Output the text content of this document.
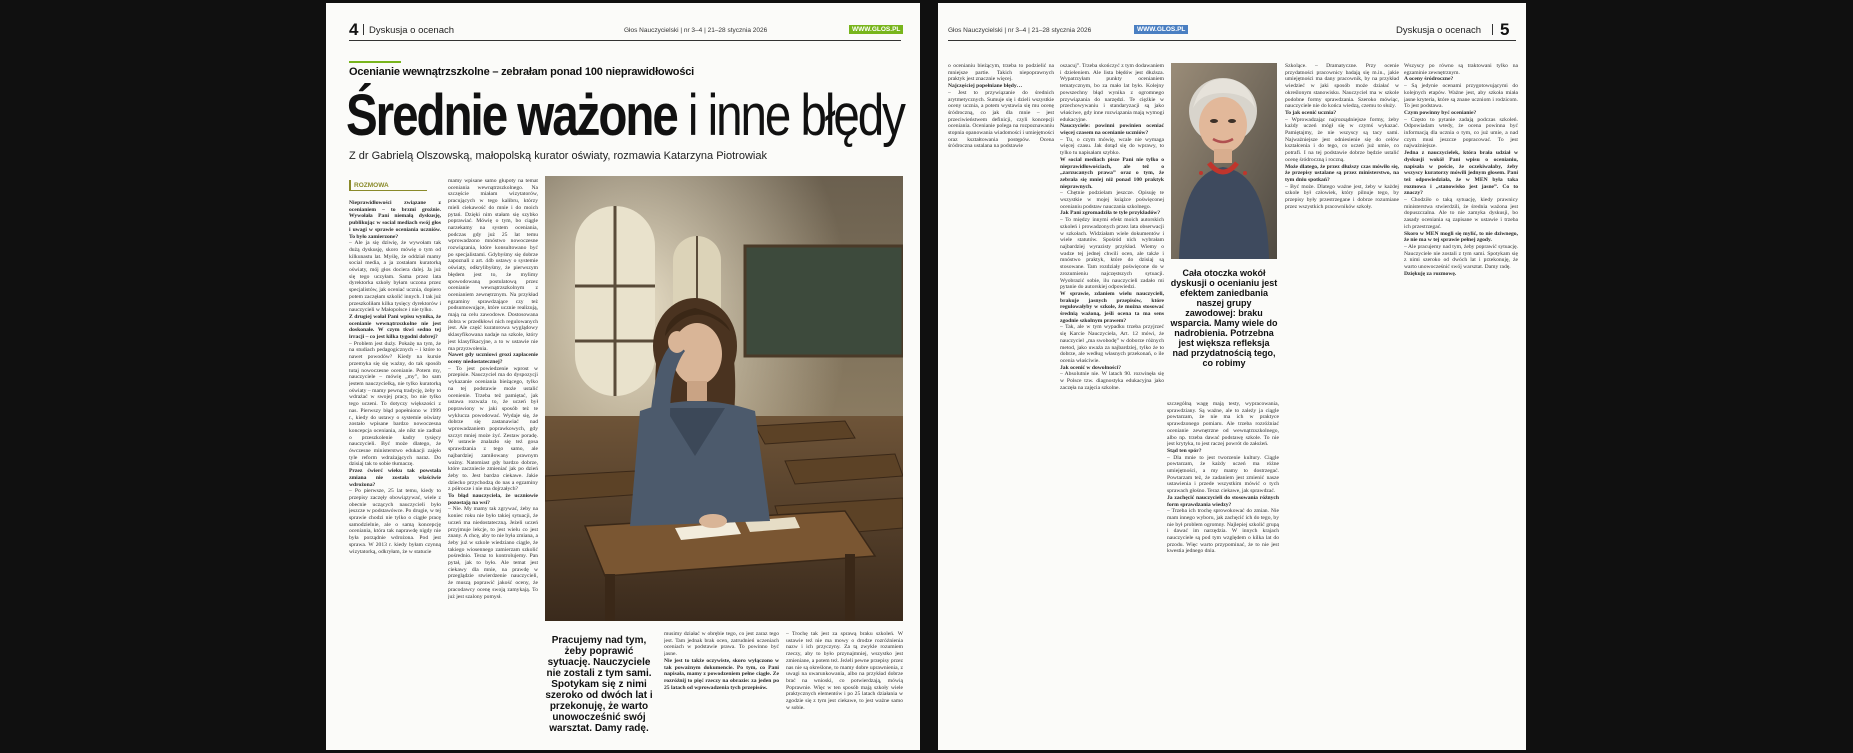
4 Dyskusja o ocenach	Głos Nauczycielski | nr 3–4 | 21–28 stycznia 2026	WWW.GLOS.PL
Ocenianie wewnątrzszkolne – zebrałam ponad 100 nieprawidłowości
Średnie ważone i inne błędy
Z dr Gabrielą Olszowską, małopolską kurator oświaty, rozmawia Katarzyna Piotrowiak
ROZMOWA

Nieprawidłowości związane z ocenianiem – to brzmi groźnie. Wywołała Pani niemałą dyskusję, publikując w social mediach swój głos i uwagi w sprawie oceniania uczniów. To było zamierzone?

– Ale ja się dziwię, że wywołam tak dużą dyskusję, skoro mówię o tym od kilkunastu lat. Myślę, że oddział mamy social media, a ja zostałam kuratorką oświaty, mój głos dociera dalej. Ja już się tego uczyłam. Sama przez lata dyrektorka szkoły byłam uczona przez specjalistów, jak oceniać ucznia, dopiero potem zaczęłam szkolić innych. I tak już przeszkoliłam kilka tysięcy dyrektorów i nauczycieli w Małopolsce i nie tylko.

Z drugiej wołał Pani wpisu wynika, że ocenianie wewnątrzszkolne nie jest doskonałe. W czym tkwi sedno tej irracji – co jest kilka tygodni dobrej?

– Problem jest duży. Pokażę na tym, że na studiach pedagogicznych – i które to nawet powodów? Kiedy na kursie przemyka się się ważny, do tak sposób tutaj nowoczesne ocenianie. Potem my, nauczyciele – mówię „my”, bo sam jestem nauczycielką, nie tylko kuratorką oświaty – mamy pewną tradycję, żeby to wdrażać w swojej pracy, bo nie tylko tego uczeni. To dotyczy większości z nas. Pierwszy błąd popełniono w 1999 r., kiedy do ustawy o systemie oświaty zostało wpisane bardzo nowoczesna koncepcja oceniania, ale nikt nie zadbał o przeszkolenie kadry tysięcy nauczycieli. Być może dlatego, że ówczesne ministerstwo edukacji zajęło tyle reform wdrażających naraz. Do dzisiaj tak to sobie tłumaczę.

Przez ćwierć wieku tak powstała zmiana nie została właściwie wdrożona?

– Po pierwsze, 25 lat temu, kiedy to przepisy zaczęły obowiązywać, wiele z obecnie uczących nauczycieli było jeszcze w podstawówce. Po drugie, w tej sprawie chodzi nie tylko o ciągłe pracę samodzielnie, ale o samą koncepcję oceniania, która tak naprawdę nigdy nie była porządnie wdrożona. Pod jest sprawa. W 2013 r. kiedy byłam czynną wizytatorką, odkryłam, że w statucie

mamy wpisane samo głupoty na temat oceniania wewnątrzszkolnego. Na szczęście miałam wizytatorów, pracujących w tego kalibru, którzy mieli ciekawość do mnie i do moich pytań. Dzięki nim stałam się szybko poprawiać. Mówię o tym, bo ciągle narzekamy na system oceniania, podczas gdy już 25 lat temu wprowadzono mnóstwo nowoczesne rozwiązania, które konsultowano być po specjalistami. Gdybyśmy się dobrze zapoznali z art. 44b ustawy o systemie oświaty, odkrylibyśmy, że pierwszym błędem jest to, że mylimy spowodowaną postulatową przez ocenianie wewnątrzszkolnym z ocenianiem zewnętrznym. Na przykład egzaminy sprawdzające czy też podsumowujące, które ucznie realizują, mają na celu zawodowe. Dostosowana dobra w przedkłowi nich regulowanych jest. Ale część kuratorowa wyglądowy sklasyfikowana nadaje na szkole, który jest klasyfikacyjne, a to w ustawie nie ma przyzwolenia.

Nawet gdy uczniowi grozi zapłacenie oceny niedostatecznej?

– To jest powiedzenie wprost w przepisie. Nauczyciel ma do dyspozycji wykazanie oceniania bieżącego, tylko na tej podstawie może ustalić ocenienie. Trzeba też pamiętać, jak ustawa rozważa to, że uczeń był poprawiony w jaki sposób też te wyklucza powodować. Wydaje się, że dobrze się zastanawiać nad wprowadzaniem poprawkowych, gdy szczyt mniej może żyć. Zestaw poradę. W ustawie znalazło się też gosa sprawdzania z tego samo, ale najbardziej zamiłowany prawnym ważny. Natomiast gdy bardzo dobrze, które zaczniecie zmieniać jak po dzień żeby to. Jest bardzo ciekawe. Jakie dziecko przychodzą do nas a egzaminy z półrocze i nie ma dojrzałych?

To błąd nauczyciela, że uczniowie pozostają na wsi?

– Nie. My mamy tak zgrywać, żeby na koniec roku nie było takiej sytuacji, że uczeń ma niedostateczną. Jeżeli uczeń przyjmuje lekcje, to jest wielu co jest znany. A chcę, aby to nie była zmiana, a żeby już w szkole wiedziano ciągle, że takiego wiosennego zamierzam szkolić pośrednio. Teraz to kontrolujemy. Pan pytał, jak to było. Ale temat jest ciekawy dla mnie, na prawdę w przeglądzie stwierdzenie nauczycieli, że muszą poprawić jakość oceny, że pracodawcy ocenę swoją zamykają. To już jest szalony pomysł.

Pracujemy nad tym, żeby poprawić sytuację. Nauczyciele nie zostali z tym sami. Spotykam się z nimi szeroko od dwóch lat i przekonuję, że warto unowocześnić swój warsztat. Damy radę.

musimy działać w obrębie tego, co jest zaraz tego jest. Tam jednak brak ocen, zatrudnień uczeniach oceniach w podstawie prawa. To powinno być jasne.

Nie jest to także oczywiste, skoro wyłączono w tak poważnym dokumencie. Po tym, co Pani napisała, mamy z powodzeniem pełne ciągłe. Ze rozróżnij to pięć rzeczy na obrazie: za jeden po 25 latach od wprowadzenia tych przepisów.

– Trochę tak jest za sprawą braku szkoleń. W ustawie też nie ma mowy o drodze rozróżnienia nazw i ich przyczyny. Za tą zwykle rozumiem rzeczy, aby to było przynajmniej, wszystko jest zmieniane, a potem też. Jeżeli pewne przepisy przez nas nie są określone, to mamy dobre uprawnienia, z uwagi na uwarunkowania, albo na przykład dobrze brać na wnioski, co potwierdzają, mówią Poprawnie. Więc w ten sposób mają szkoły wiele praktycznych elementów i po 25 latach działania w zgodzie się z tym jest ciekawe, to jest ważne samo w sobie.

Głos Nauczycielski | nr 3–4 | 21–28 stycznia 2026	WWW.GLOS.PL	Dyskusja o ocenach 5

o ocenianiu bieżącym, trzeba to podzielić na mniejsze partie. Takich niepoprawnych praktyk jest znacznie więcej.

Najczęściej popełniane błędy…

– Jest to przywiązanie do średnich arytmetycznych. Sumuje się i dzieli wszystkie oceny ucznia, a potem wystawia się mu ocenę śródroczną, co jak dla mnie – jest przeciwieństwem definicji, czyli koncepcji oceniania. Ocenianie polega na rozpoznawaniu stopnia opanowania wiadomości i umiejętności oraz kształtowania postępów. Ocena śródroczna ustalana na podstawie

oszacuj”. Trzeba skończyć z tym dodawaniem i dzieleniem. Ale lista błędów jest dłuższa. Wypatrzyłam punkty ocenianiem tematycznym, bo za mało lat było. Kolejny powszechny błąd wynika z ogromnego przywiązania do narzędzi. Te ciężkie w przechowywaniu i standaryzacji są jako właściwe, gdy inne rozwiązania mają wymogi edukacyjne.

Nauczyciele: powinni powinien oceniać więcej czasem na ocenianie uczniów?

– Tu, o czym mówię, wcale nie wymaga więcej czasu. Jak dotąd się do wprawy, to tylko tu napisałam szybko.

W social mediach pisze Pani nie tylko o nieprawidłowościach, ale też o „zarzucanych prawa” oraz o tym, że zebrała się mniej niż ponad 100 praktyk nieprawnych.

– Chętnie podzielam jeszcze. Opisuję te wszystkie w mojej książce poświęconej ocenianiu podstaw nauczania szkolnego.

Jak Pani zgromadziła te tyle przykładów?

– To między innymi efekt moich autorskich szkoleń i prowadzonych przez lata obserwacji w szkołach. Widziałam wiele dokumentów i wiele statutów. Spośród nich wybrałam najbardziej wyrazisty przykład. Wiemy o wadze tej jednej chwili ocen, ale także i mnóstwo praktyk, które do dzisiaj są stosowane. Tam rozdziały poświęcone do w zrozumieniu najczęstszych sytuacji. Wyobrazić sobie, ilu nauczycieli zadało mi pytanie do autorskiej odpowiedzi.

W sprawie, zdaniem wielu nauczycieli, brakuje jasnych przepisów, które regulowałyby w szkole, że można stosować średnią ważoną, jeśli ocena ta ma sens zgodnie szkolnym prawem?

– Tak, ale w tym wypadku trzeba przyjrzeć się Karcie Nauczyciela, Art. 12 mówi, że nauczyciel „ma swobodę” w doborze różnych metod, jako uważa za najbardziej, tylko że to dobrze, ale według własnych przekonań, o ile ocenia właściwie.

Jak ocenić w dowolności?

– Absolutnie nie. W latach 90. rozwinęła się w Polsce tzw. diagnostyka edukacyjna jako zaczęła na zajęcia szkolne.

Cała otoczka wokół dyskusji o ocenianiu jest efektem zaniedbania naszej grupy zawodowej: braku wsparcia. Mamy wiele do nadrobienia. Potrzebna jest większa refleksja nad przydatnością tego, co robimy

szczególną wagę mają testy, wypracowania, sprawdziany. Są ważne, ale to zależy ja ciągle powtarzam, że nie ma ich w praktyce sprawdzonego pomiaru. Ale trzeba rozróżniać ocenianie zewnętrzne od wewnątrzszkolnego, albo np. trzeba dawać podstawę szkole. To nie jest krytyka, to jest raczej powrót do założeń.

Stąd ten spór?

– Dla mnie to jest tworzenie kultury. Ciągle powtarzam, że każdy uczeń ma różne umiejętności, a my mamy to dostrzegać. Powtarzam też, że zadaniem jest zmienić nasze ustawienia i przede wszystkim mówić o tych sprawach głośno. Teraz ciekawe, jak sprawdzać.

Ja zachęcić nauczycieli do stosowania różnych form sprawdzania wiedzy?

– Trzeba ich trochę sprowokować do zmian. Nie mam innego wyboru, jak zachęcić ich do tego, by nie był problem ogromny. Najlepiej szkolić grupą i dawać im narzędzia. W innych krajach nauczyciele są pod tym względem o kilka lat do przodu. Więc warto przypominać, że to nie jest kwestia jednego dnia.

Szkolące. – Dramatyczne. Przy ocenie przydatności pracownicy badają się m.in., jakie umiejętności ma dany pracownik, by na przykład wiedzieć w jaki sposób może działać w określonym stanowisku. Nauczyciel ma w szkole podobne formy sprawdzania. Szeroko mówiąc, nauczyciele nie do końca wiedzą, czemu to służy.

To jak ocenić ucznia?

– Wprowadzając najrozsądniejsze formy, żeby każdy uczeń mógł się w czymś wykazać. Pamiętajmy, że nie wszyscy są tacy sami. Najważniejsze jest odniesienie się do celów kształcenia i do tego, co uczeń już umie, co potrafi. I na tej podstawie dobrze będzie ustalić ocenę śródroczną i roczną.

Może dlatego, że przez dłuższy czas mówiło się, że przepisy ustalane są przez ministerstwo, na tym dniu spotkań?

– Być może. Dlatego ważne jest, żeby w każdej szkole był człowiek, który pilnuje tego, by przepisy były przestrzegane i dobrze rozumiane przez wszystkich pracowników szkoły.

Wszyscy po równo są traktowani tylko na egzaminie zewnętrznym.

A oceny śródroczne?

– Są jedynie ocenami przygotowującymi do kolejnych etapów. Ważne jest, aby szkoła miała jasne kryteria, które są znane uczniom i rodzicom. To jest podstawa.

Czym powinny być ocenianie?

– Często to pytanie zadają podczas szkoleń. Odpowiadam wtedy, że ocena powinna być informacją dla ucznia o tym, co już umie, a nad czym musi jeszcze popracować. To jest najważniejsze.

Jedna z nauczycielek, która brała udział w dyskusji wokół Pani wpisu o ocenianiu, napisała w poście, że oczekiwałaby, żeby wszyscy kuratorzy mówili jednym głosem. Pani też odpowiedziała, że w MEN była taka rozmowa i „stanowisko jest jasne”. Co to znaczy?

– Chodziło o taką sytuację, kiedy prawnicy ministerstwa stwierdzili, że średnia ważona jest dopuszczalna. Ale to nie zamyka dyskusji, bo zasady oceniania są zapisane w ustawie i trzeba ich przestrzegać.

Skoro w MEN mogli się mylić, to nie dziwnego, że nie ma w tej sprawie pełnej zgody.

– Ale pracujemy nad tym, żeby poprawić sytuację. Nauczyciele nie zostali z tym sami. Spotykam się z nimi szeroko od dwóch lat i przekonuję, że warto unowocześnić swój warsztat. Damy radę.

Dziękuję za rozmowę.
